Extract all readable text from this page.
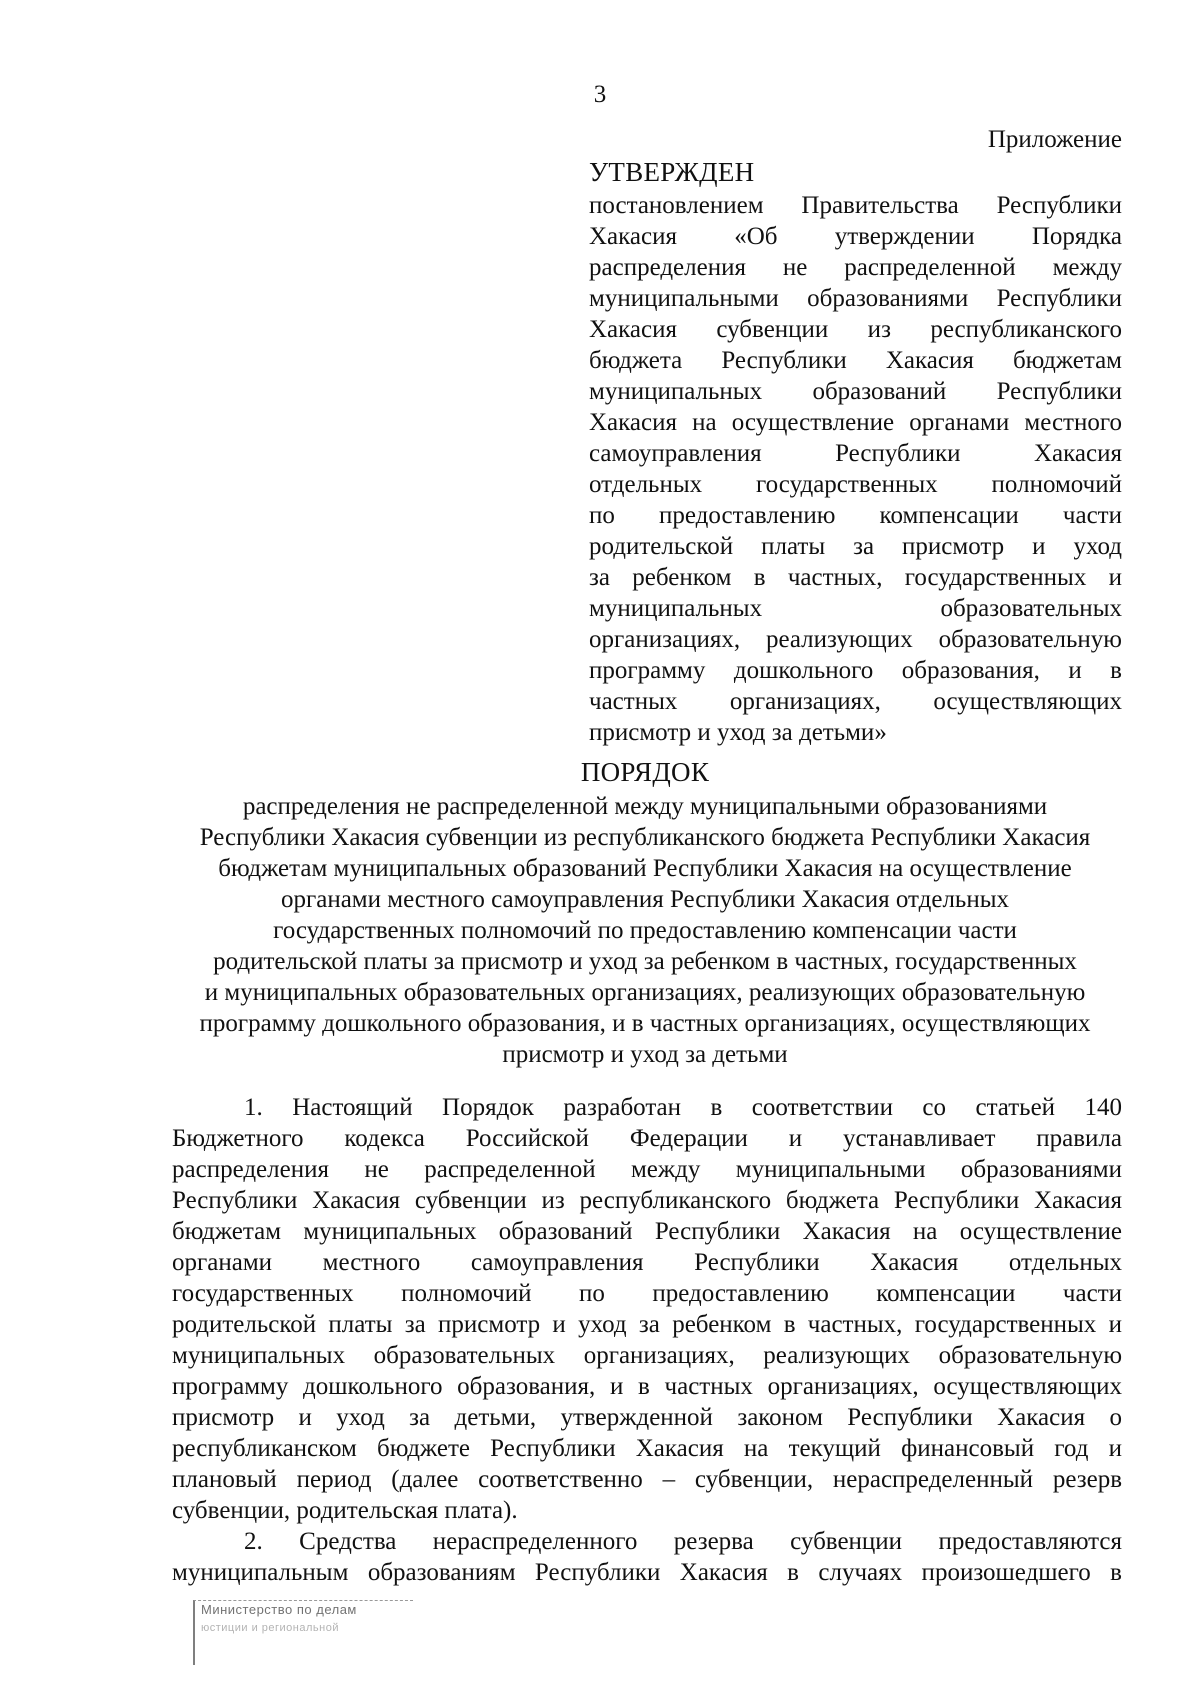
3
Приложение
УТВЕРЖДЕН
постановлением Правительства Республики
Хакасия «Об утверждении Порядка
распределения не распределенной между
муниципальными образованиями Республики
Хакасия субвенции из республиканского
бюджета Республики Хакасия бюджетам
муниципальных образований Республики
Хакасия на осуществление органами местного
самоуправления Республики Хакасия
отдельных государственных полномочий
по предоставлению компенсации части
родительской платы за присмотр и уход
за ребенком в частных, государственных и
муниципальных образовательных
организациях, реализующих образовательную
программу дошкольного образования, и в
частных организациях, осуществляющих
присмотр и уход за детьми»
ПОРЯДОК
распределения не распределенной между муниципальными образованиями
Республики Хакасия субвенции из республиканского бюджета Республики Хакасия
бюджетам муниципальных образований Республики Хакасия на осуществление
органами местного самоуправления Республики Хакасия отдельных
государственных полномочий по предоставлению компенсации части
родительской платы за присмотр и уход за ребенком в частных, государственных
и муниципальных образовательных организациях, реализующих образовательную
программу дошкольного образования, и в частных организациях, осуществляющих
присмотр и уход за детьми
1. Настоящий Порядок разработан в соответствии со статьей 140
Бюджетного кодекса Российской Федерации и устанавливает правила
распределения не распределенной между муниципальными образованиями
Республики Хакасия субвенции из республиканского бюджета Республики Хакасия
бюджетам муниципальных образований Республики Хакасия на осуществление
органами местного самоуправления Республики Хакасия отдельных
государственных полномочий по предоставлению компенсации части
родительской платы за присмотр и уход за ребенком в частных, государственных и
муниципальных образовательных организациях, реализующих образовательную
программу дошкольного образования, и в частных организациях, осуществляющих
присмотр и уход за детьми, утвержденной законом Республики Хакасия о
республиканском бюджете Республики Хакасия на текущий финансовый год и
плановый период (далее соответственно – субвенции, нераспределенный резерв
субвенции, родительская плата).
2. Средства нераспределенного резерва субвенции предоставляются
муниципальным образованиям Республики Хакасия в случаях произошедшего в
Министерство по делам
юстиции и региональной
